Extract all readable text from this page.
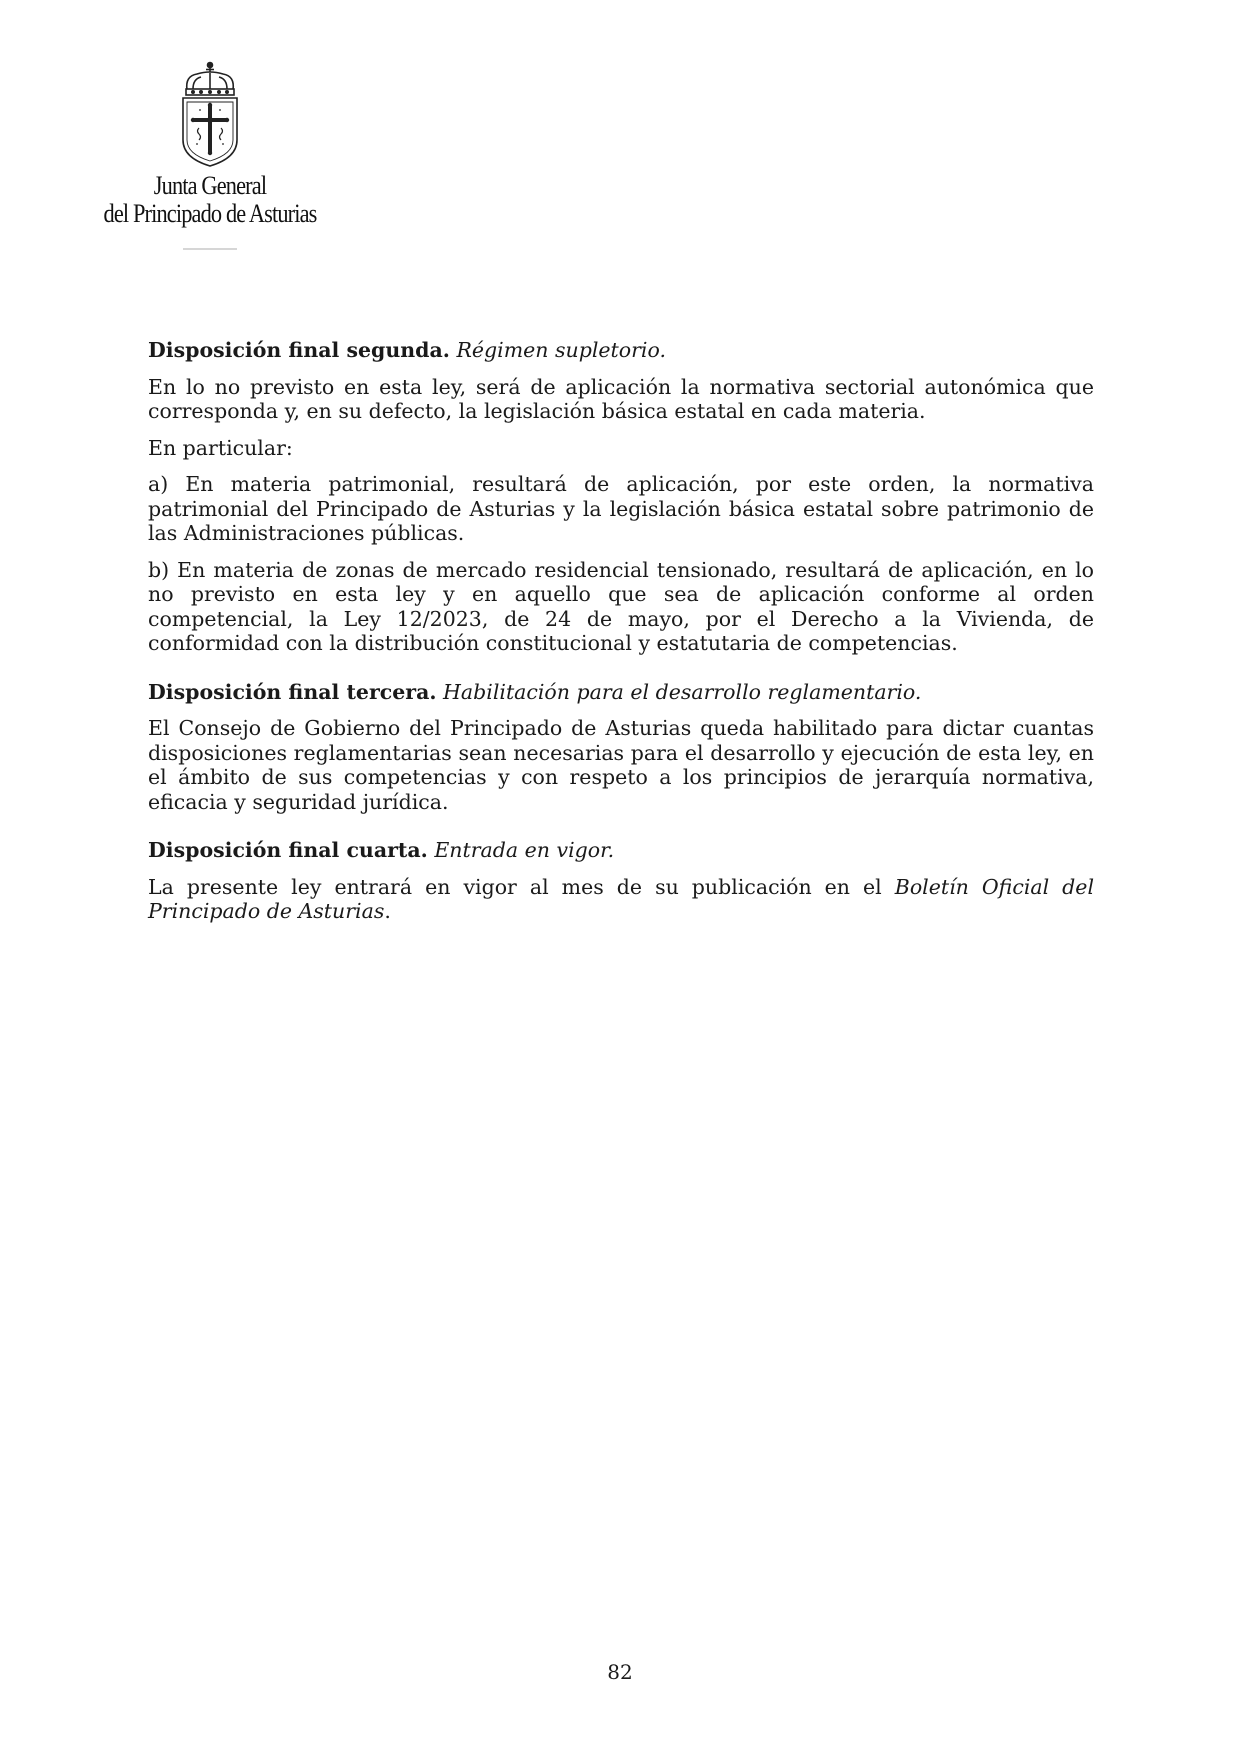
Junta General
del Principado de Asturias
Disposición final segunda. Régimen supletorio.

En lo no previsto en esta ley, será de aplicación la normativa sectorial autonómica que corresponda y, en su defecto, la legislación básica estatal en cada materia.

En particular:

a) En materia patrimonial, resultará de aplicación, por este orden, la normativa patrimonial del Principado de Asturias y la legislación básica estatal sobre patrimonio de las Administraciones públicas.

b) En materia de zonas de mercado residencial tensionado, resultará de aplicación, en lo no previsto en esta ley y en aquello que sea de aplicación conforme al orden competencial, la Ley 12/2023, de 24 de mayo, por el Derecho a la Vivienda, de conformidad con la distribución constitucional y estatutaria de competencias.

Disposición final tercera. Habilitación para el desarrollo reglamentario.

El Consejo de Gobierno del Principado de Asturias queda habilitado para dictar cuantas disposiciones reglamentarias sean necesarias para el desarrollo y ejecución de esta ley, en el ámbito de sus competencias y con respeto a los principios de jerarquía normativa, eficacia y seguridad jurídica.

Disposición final cuarta. Entrada en vigor.

La presente ley entrará en vigor al mes de su publicación en el Boletín Oficial del Principado de Asturias.

82
